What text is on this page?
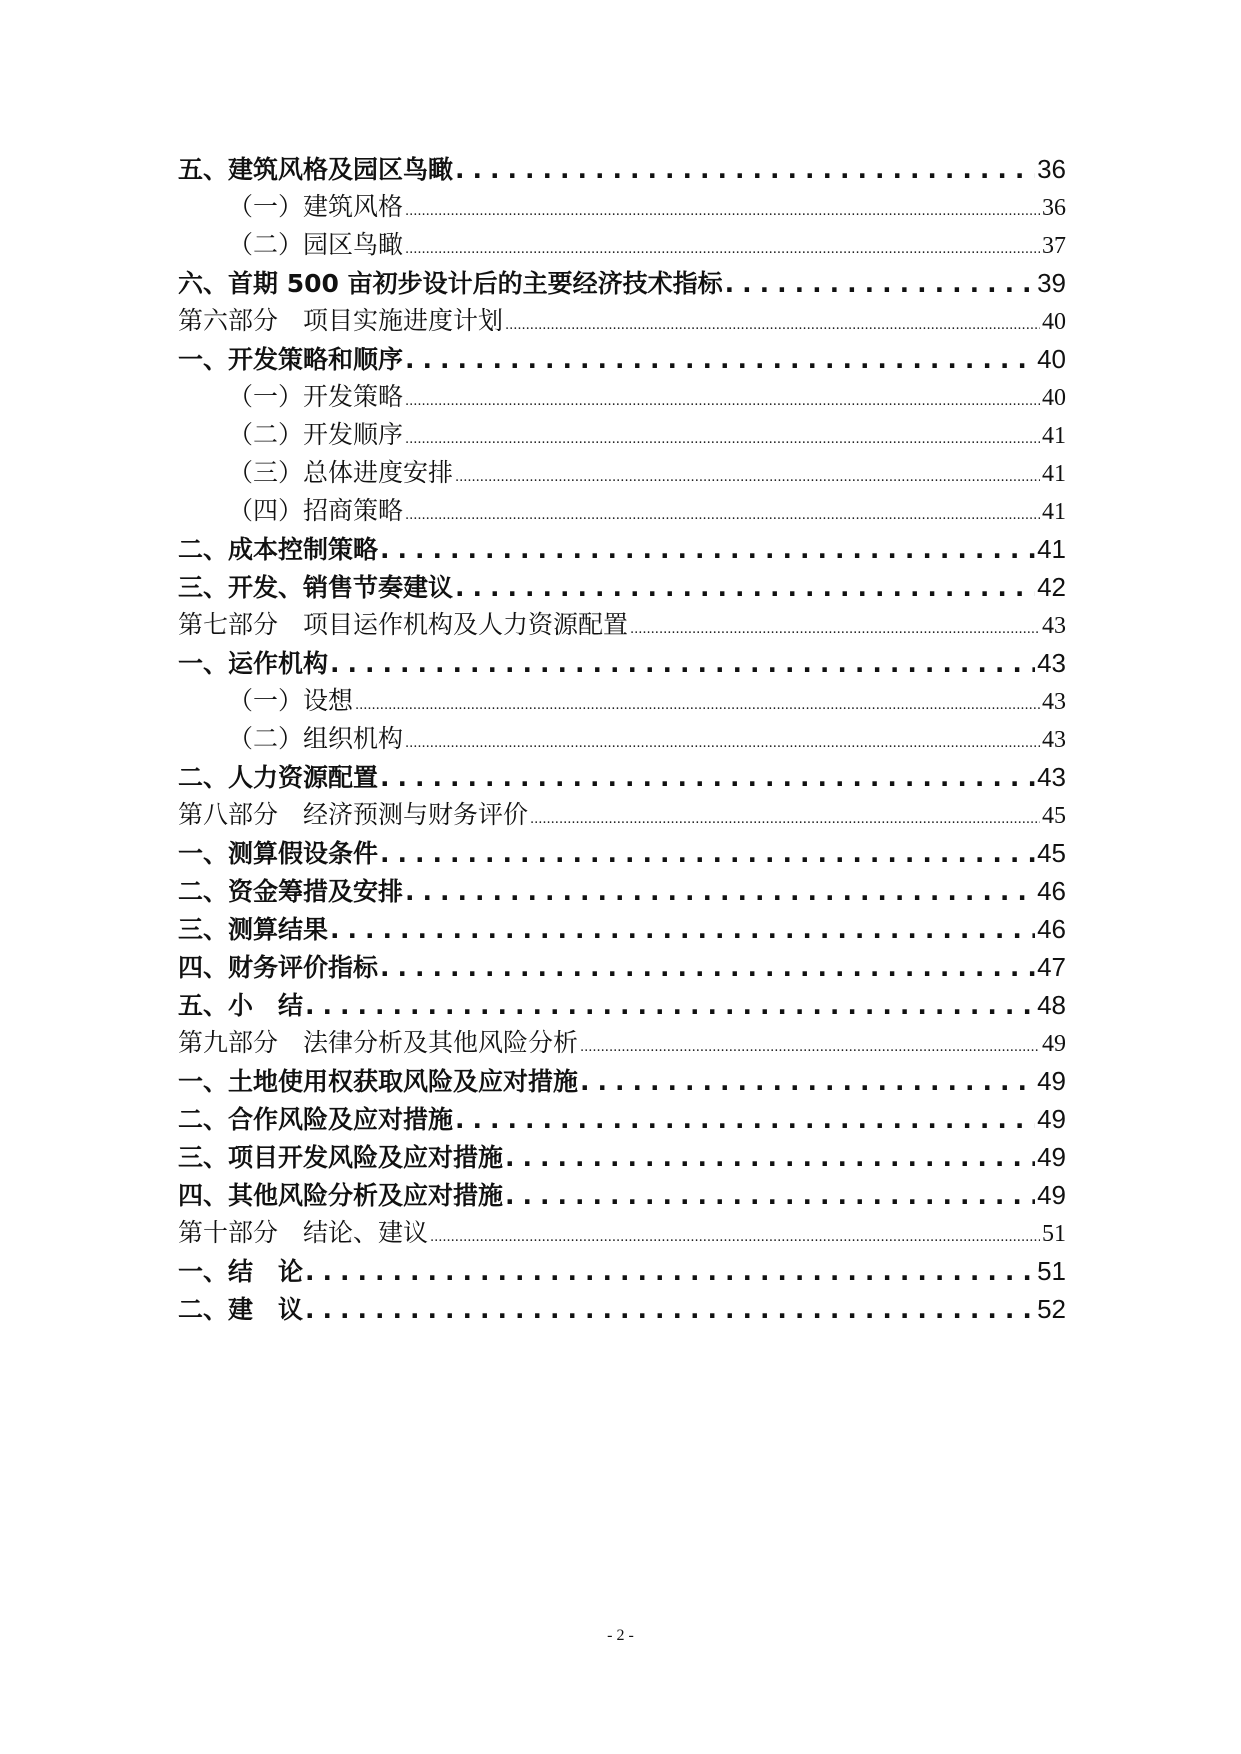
五、建筑风格及园区鸟瞰 .....	36
（一）建筑风格 .....	36
（二）园区鸟瞰 .....	37
六、首期 500 亩初步设计后的主要经济技术指标 .....	39
第六部分　项目实施进度计划 .....	40
一、开发策略和顺序 .....	40
（一）开发策略 .....	40
（二）开发顺序 .....	41
（三）总体进度安排 .....	41
（四）招商策略 .....	41
二、成本控制策略 .....	41
三、开发、销售节奏建议 .....	42
第七部分　项目运作机构及人力资源配置 .....	43
一、运作机构 .....	43
（一）设想 .....	43
（二）组织机构 .....	43
二、人力资源配置 .....	43
第八部分　经济预测与财务评价 .....	45
一、测算假设条件 .....	45
二、资金筹措及安排 .....	46
三、测算结果 .....	46
四、财务评价指标 .....	47
五、小　结 .....	48
第九部分　法律分析及其他风险分析 .....	49
一、土地使用权获取风险及应对措施 .....	49
二、合作风险及应对措施 .....	49
三、项目开发风险及应对措施 .....	49
四、其他风险分析及应对措施 .....	49
第十部分　结论、建议 .....	51
一、结　论 .....	51
二、建　议 .....	52
- 2 -
